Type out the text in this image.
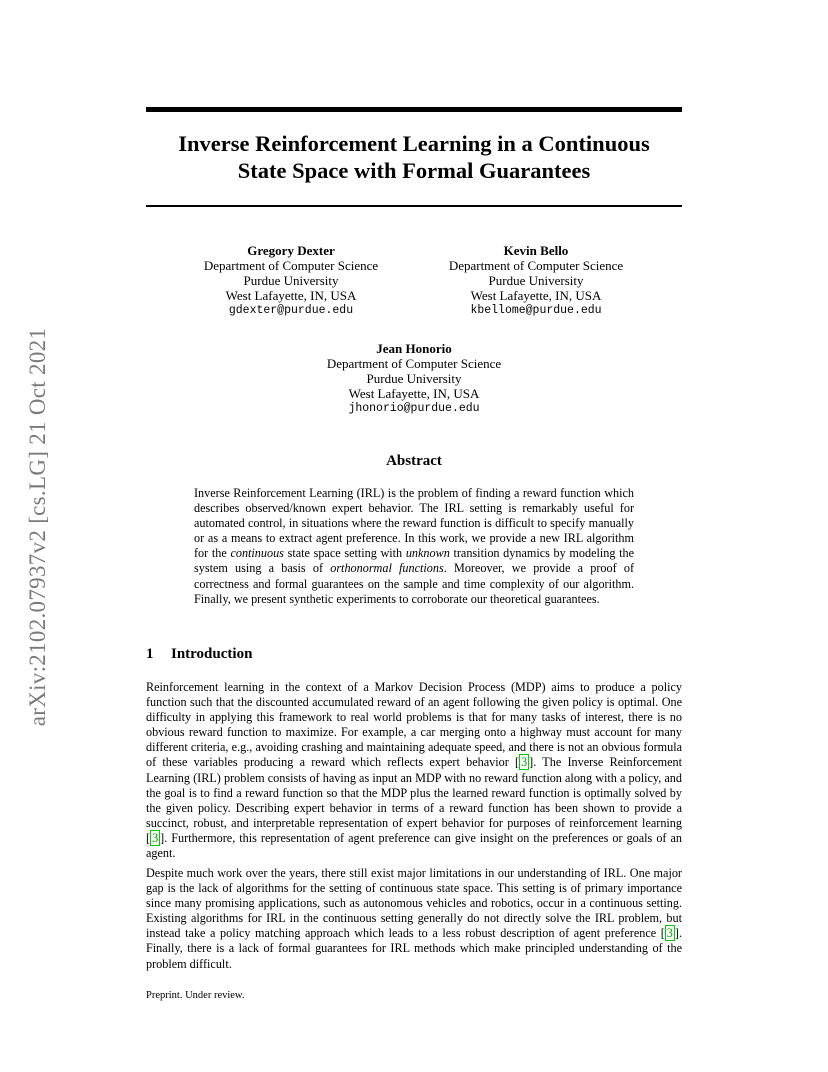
arXiv:2102.07937v2 [cs.LG] 21 Oct 2021
Inverse Reinforcement Learning in a Continuous
State Space with Formal Guarantees
Gregory Dexter
Department of Computer Science
Purdue University
West Lafayette, IN, USA
gdexter@purdue.edu
Kevin Bello
Department of Computer Science
Purdue University
West Lafayette, IN, USA
kbellome@purdue.edu
Jean Honorio
Department of Computer Science
Purdue University
West Lafayette, IN, USA
jhonorio@purdue.edu
Abstract
Inverse Reinforcement Learning (IRL) is the problem of finding a reward function which describes observed/known expert behavior. The IRL setting is remarkably useful for automated control, in situations where the reward function is difficult to specify manually or as a means to extract agent preference. In this work, we provide a new IRL algorithm for the continuous state space setting with unknown transition dynamics by modeling the system using a basis of orthonormal functions. Moreover, we provide a proof of correctness and formal guarantees on the sample and time complexity of our algorithm. Finally, we present synthetic experiments to corroborate our theoretical guarantees.
1 Introduction
Reinforcement learning in the context of a Markov Decision Process (MDP) aims to produce a policy function such that the discounted accumulated reward of an agent following the given policy is optimal. One difficulty in applying this framework to real world problems is that for many tasks of interest, there is no obvious reward function to maximize. For example, a car merging onto a highway must account for many different criteria, e.g., avoiding crashing and maintaining adequate speed, and there is not an obvious formula of these variables producing a reward which reflects expert behavior [ 3 ]. The Inverse Reinforcement Learning (IRL) problem consists of having as input an MDP with no reward function along with a policy, and the goal is to find a reward function so that the MDP plus the learned reward function is optimally solved by the given policy. Describing expert behavior in terms of a reward function has been shown to provide a succinct, robust, and interpretable representation of expert behavior for purposes of reinforcement learning [ 3 ]. Furthermore, this representation of agent preference can give insight on the preferences or goals of an agent.
Despite much work over the years, there still exist major limitations in our understanding of IRL. One major gap is the lack of algorithms for the setting of continuous state space. This setting is of primary importance since many promising applications, such as autonomous vehicles and robotics, occur in a continuous setting. Existing algorithms for IRL in the continuous setting generally do not directly solve the IRL problem, but instead take a policy matching approach which leads to a less robust description of agent preference [ 3 ]. Finally, there is a lack of formal guarantees for IRL methods which make principled understanding of the problem difficult.
Preprint. Under review.
